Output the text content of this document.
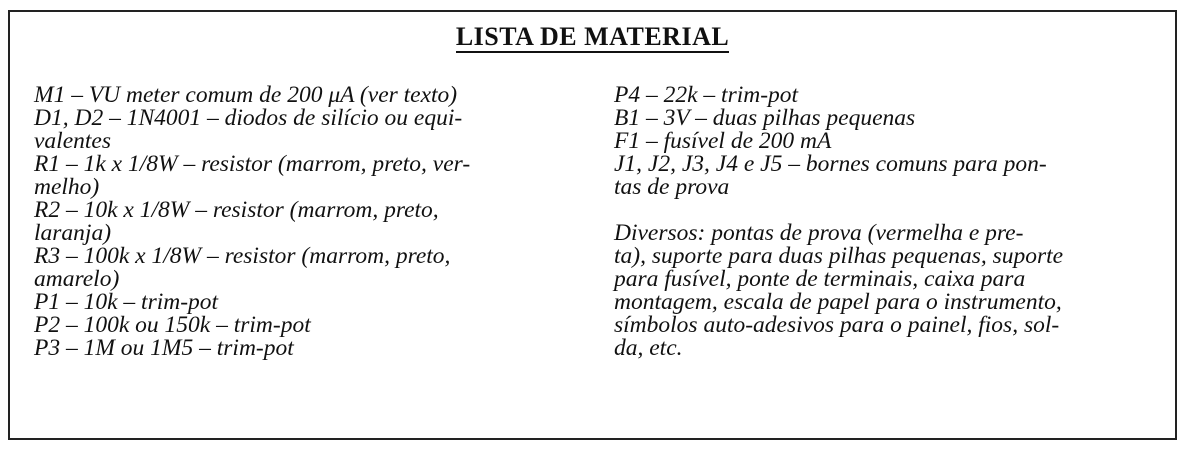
LISTA DE MATERIAL
M1 – VU meter comum de 200 μA (ver texto)
D1, D2 – 1N4001 – diodos de silício ou equi-
valentes
R1 – 1k x 1/8W – resistor (marrom, preto, ver-
melho)
R2 – 10k x 1/8W – resistor (marrom, preto,
laranja)
R3 – 100k x 1/8W – resistor (marrom, preto,
amarelo)
P1 – 10k – trim-pot
P2 – 100k ou 150k – trim-pot
P3 – 1M ou 1M5 – trim-pot
P4 – 22k – trim-pot
B1 – 3V – duas pilhas pequenas
F1 – fusível de 200 mA
J1, J2, J3, J4 e J5 – bornes comuns para pon-
tas de prova
Diversos: pontas de prova (vermelha e pre-
ta), suporte para duas pilhas pequenas, suporte
para fusível, ponte de terminais, caixa para
montagem, escala de papel para o instrumento,
símbolos auto-adesivos para o painel, fios, sol-
da, etc.
